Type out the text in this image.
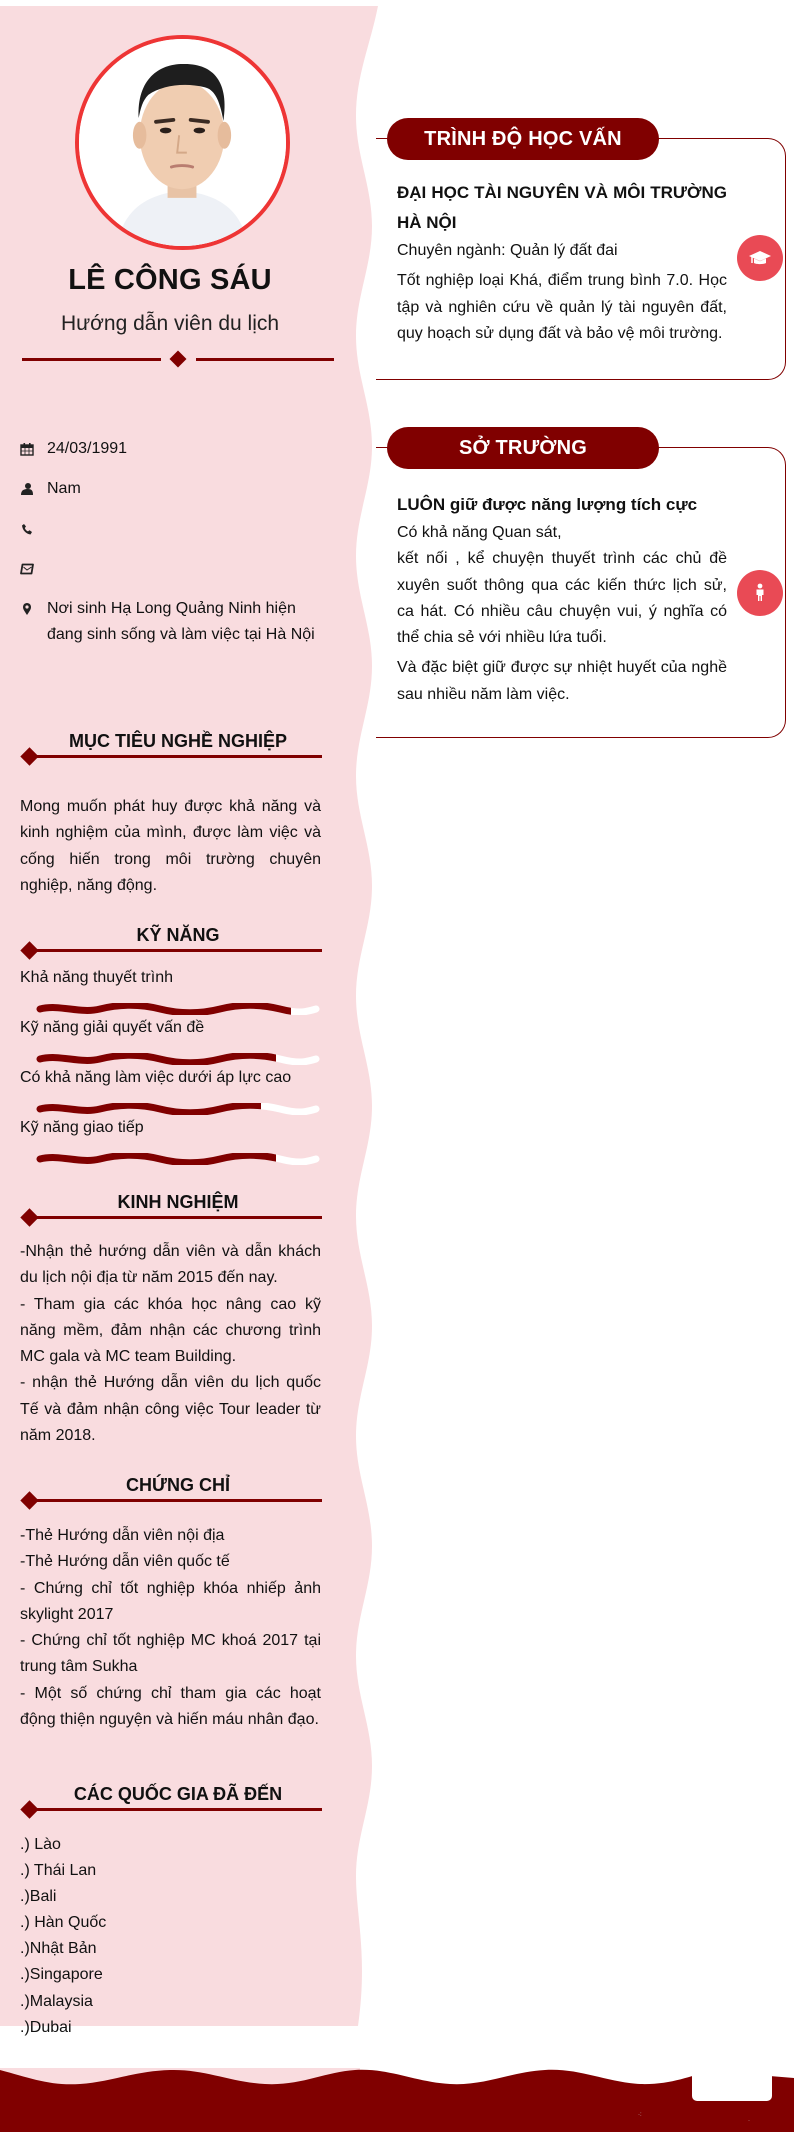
LÊ CÔNG SÁU
Hướng dẫn viên du lịch
24/03/1991
Nam
Nơi sinh Hạ Long Quảng Ninh hiện đang sinh sống và làm việc tại Hà Nội
MỤC TIÊU NGHỀ NGHIỆP
Mong muốn phát huy được khả năng và kinh nghiệm của mình, được làm việc và cống hiến trong môi trường chuyên nghiệp, năng động.
KỸ NĂNG
Khả năng thuyết trình
Kỹ năng giải quyết vấn đề
Có khả năng làm việc dưới áp lực cao
Kỹ năng giao tiếp
KINH NGHIỆM
-Nhận thẻ hướng dẫn viên và dẫn khách du lịch nội địa từ năm 2015 đến nay.
- Tham gia các khóa học nâng cao kỹ năng mềm, đảm nhận các chương trình MC gala và MC team Building.
- nhận thẻ Hướng dẫn viên du lịch quốc Tế và đảm nhận công việc Tour leader từ năm 2018.
CHỨNG CHỈ
-Thẻ Hướng dẫn viên nội địa
-Thẻ Hướng dẫn viên quốc tế
- Chứng chỉ tốt nghiệp khóa nhiếp ảnh skylight 2017
- Chứng chỉ tốt nghiệp MC khoá 2017 tại trung tâm Sukha
- Một số chứng chỉ tham gia các hoạt động thiện nguyện và hiến máu nhân đạo.
CÁC QUỐC GIA ĐÃ ĐẾN
.) Lào
.) Thái Lan
.)Bali
.) Hàn Quốc
.)Nhật Bản
.)Singapore
.)Malaysia
.)Dubai
TRÌNH ĐỘ HỌC VẤN
ĐẠI HỌC TÀI NGUYÊN VÀ MÔI TRƯỜNG HÀ NỘI

Chuyên ngành: Quản lý đất đai

Tốt nghiệp loại Khá, điểm trung bình 7.0. Học tập và nghiên cứu về quản lý tài nguyên đất, quy hoạch sử dụng đất và bảo vệ môi trường.

SỞ TRƯỜNG
LUÔN giữ được năng lượng tích cực

Có khả năng Quan sát,

kết nối , kể chuyện thuyết trình các chủ đề xuyên suốt thông qua các kiến thức lịch sử, ca hát. Có nhiều câu chuyện vui, ý nghĩa có thể chia sẻ với nhiều lứa tuổi.

Và đặc biệt giữ được sự nhiệt huyết của nghề sau nhiều năm làm việc.

·:
·
